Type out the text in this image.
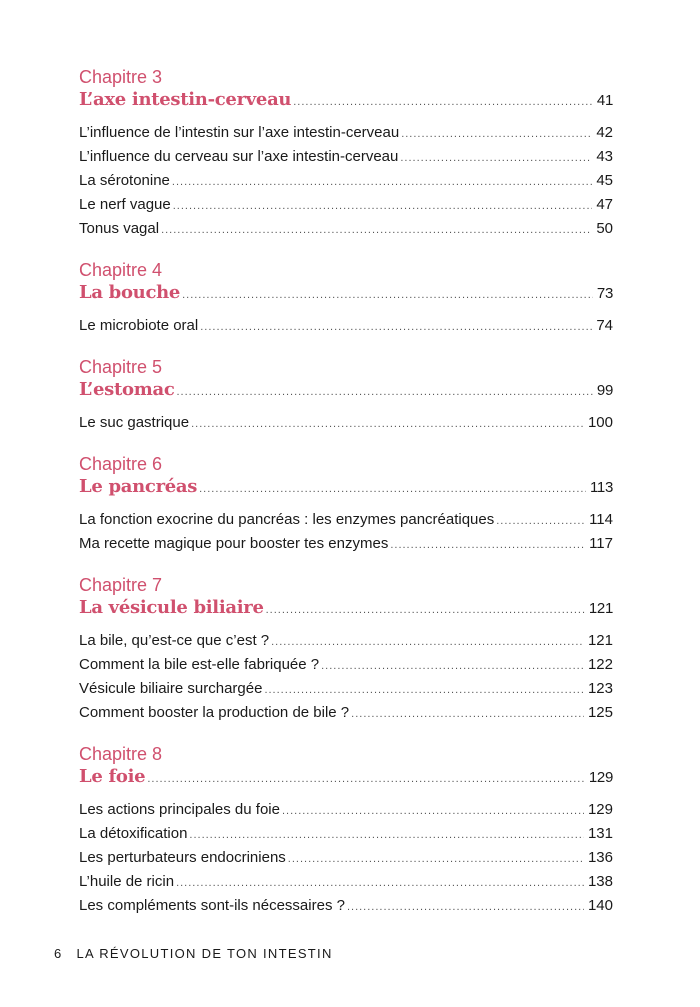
Chapitre 3
L’axe intestin-cerveau .....	41
L’influence de l’intestin sur l’axe intestin-cerveau .....	42
L’influence du cerveau sur l’axe intestin-cerveau .....	43
La sérotonine .....	45
Le nerf vague .....	47
Tonus vagal .....	50
Chapitre 4
La bouche .....	73
Le microbiote oral .....	74
Chapitre 5
L’estomac .....	99
Le suc gastrique .....	100
Chapitre 6
Le pancréas .....	113
La fonction exocrine du pancréas : les enzymes pancréatiques .....	114
Ma recette magique pour booster tes enzymes .....	117
Chapitre 7
La vésicule biliaire .....	121
La bile, qu’est-ce que c’est ? .....	121
Comment la bile est-elle fabriquée ? .....	122
Vésicule biliaire surchargée .....	123
Comment booster la production de bile ? .....	125
Chapitre 8
Le foie .....	129
Les actions principales du foie .....	129
La détoxification .....	131
Les perturbateurs endocriniens .....	136
L’huile de ricin .....	138
Les compléments sont-ils nécessaires ? .....	140
6 LA RÉVOLUTION DE TON INTESTIN
